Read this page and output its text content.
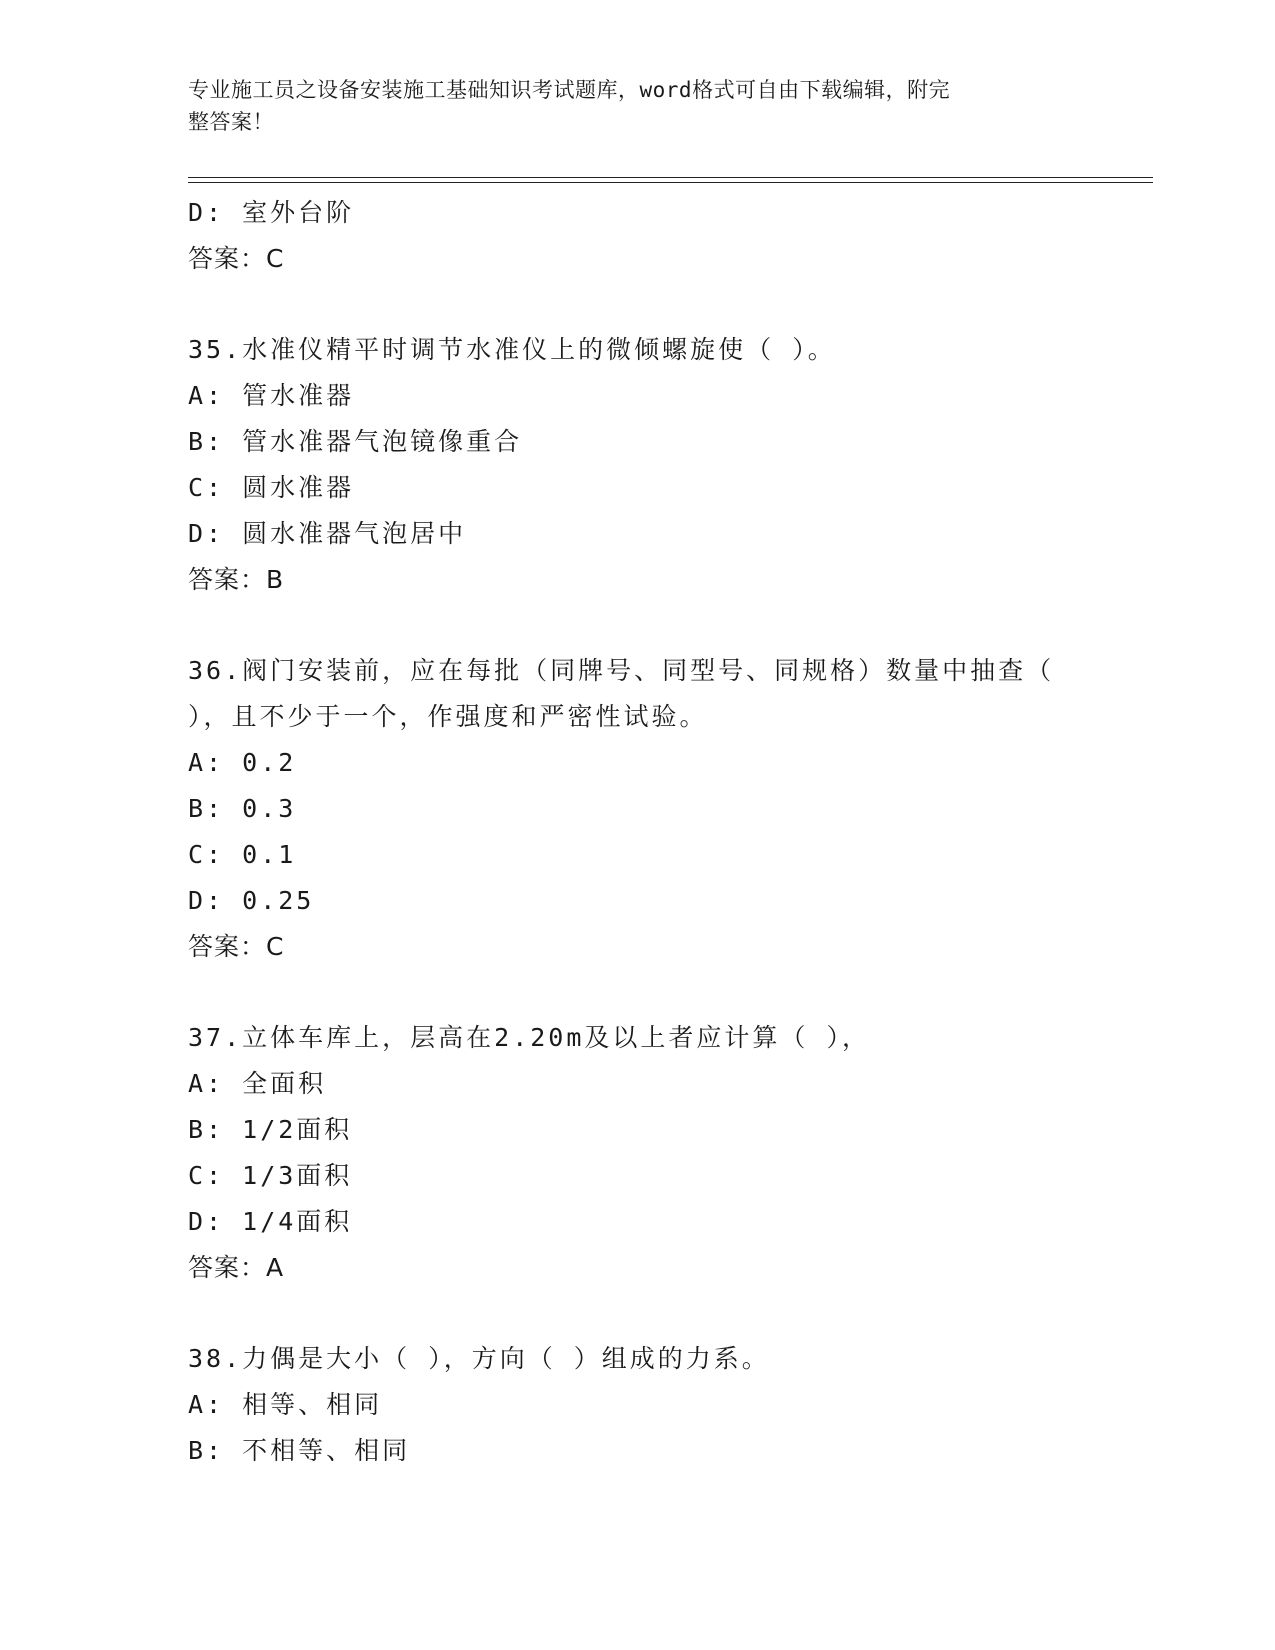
专业施工员之设备安装施工基础知识考试题库，word格式可自由下载编辑，附完
整答案！
D: 室外台阶
答案：C
35.水准仪精平时调节水准仪上的微倾螺旋使（ ）。
A: 管水准器
B: 管水准器气泡镜像重合
C: 圆水准器
D: 圆水准器气泡居中
答案：B
36.阀门安装前，应在每批（同牌号、同型号、同规格）数量中抽查（
），且不少于一个，作强度和严密性试验。
A: 0.2
B: 0.3
C: 0.1
D: 0.25
答案：C
37.立体车库上，层高在2.20m及以上者应计算（ ），
A: 全面积
B: 1/2面积
C: 1/3面积
D: 1/4面积
答案：A
38.力偶是大小（ ），方向（ ）组成的力系。
A: 相等、相同
B: 不相等、相同
